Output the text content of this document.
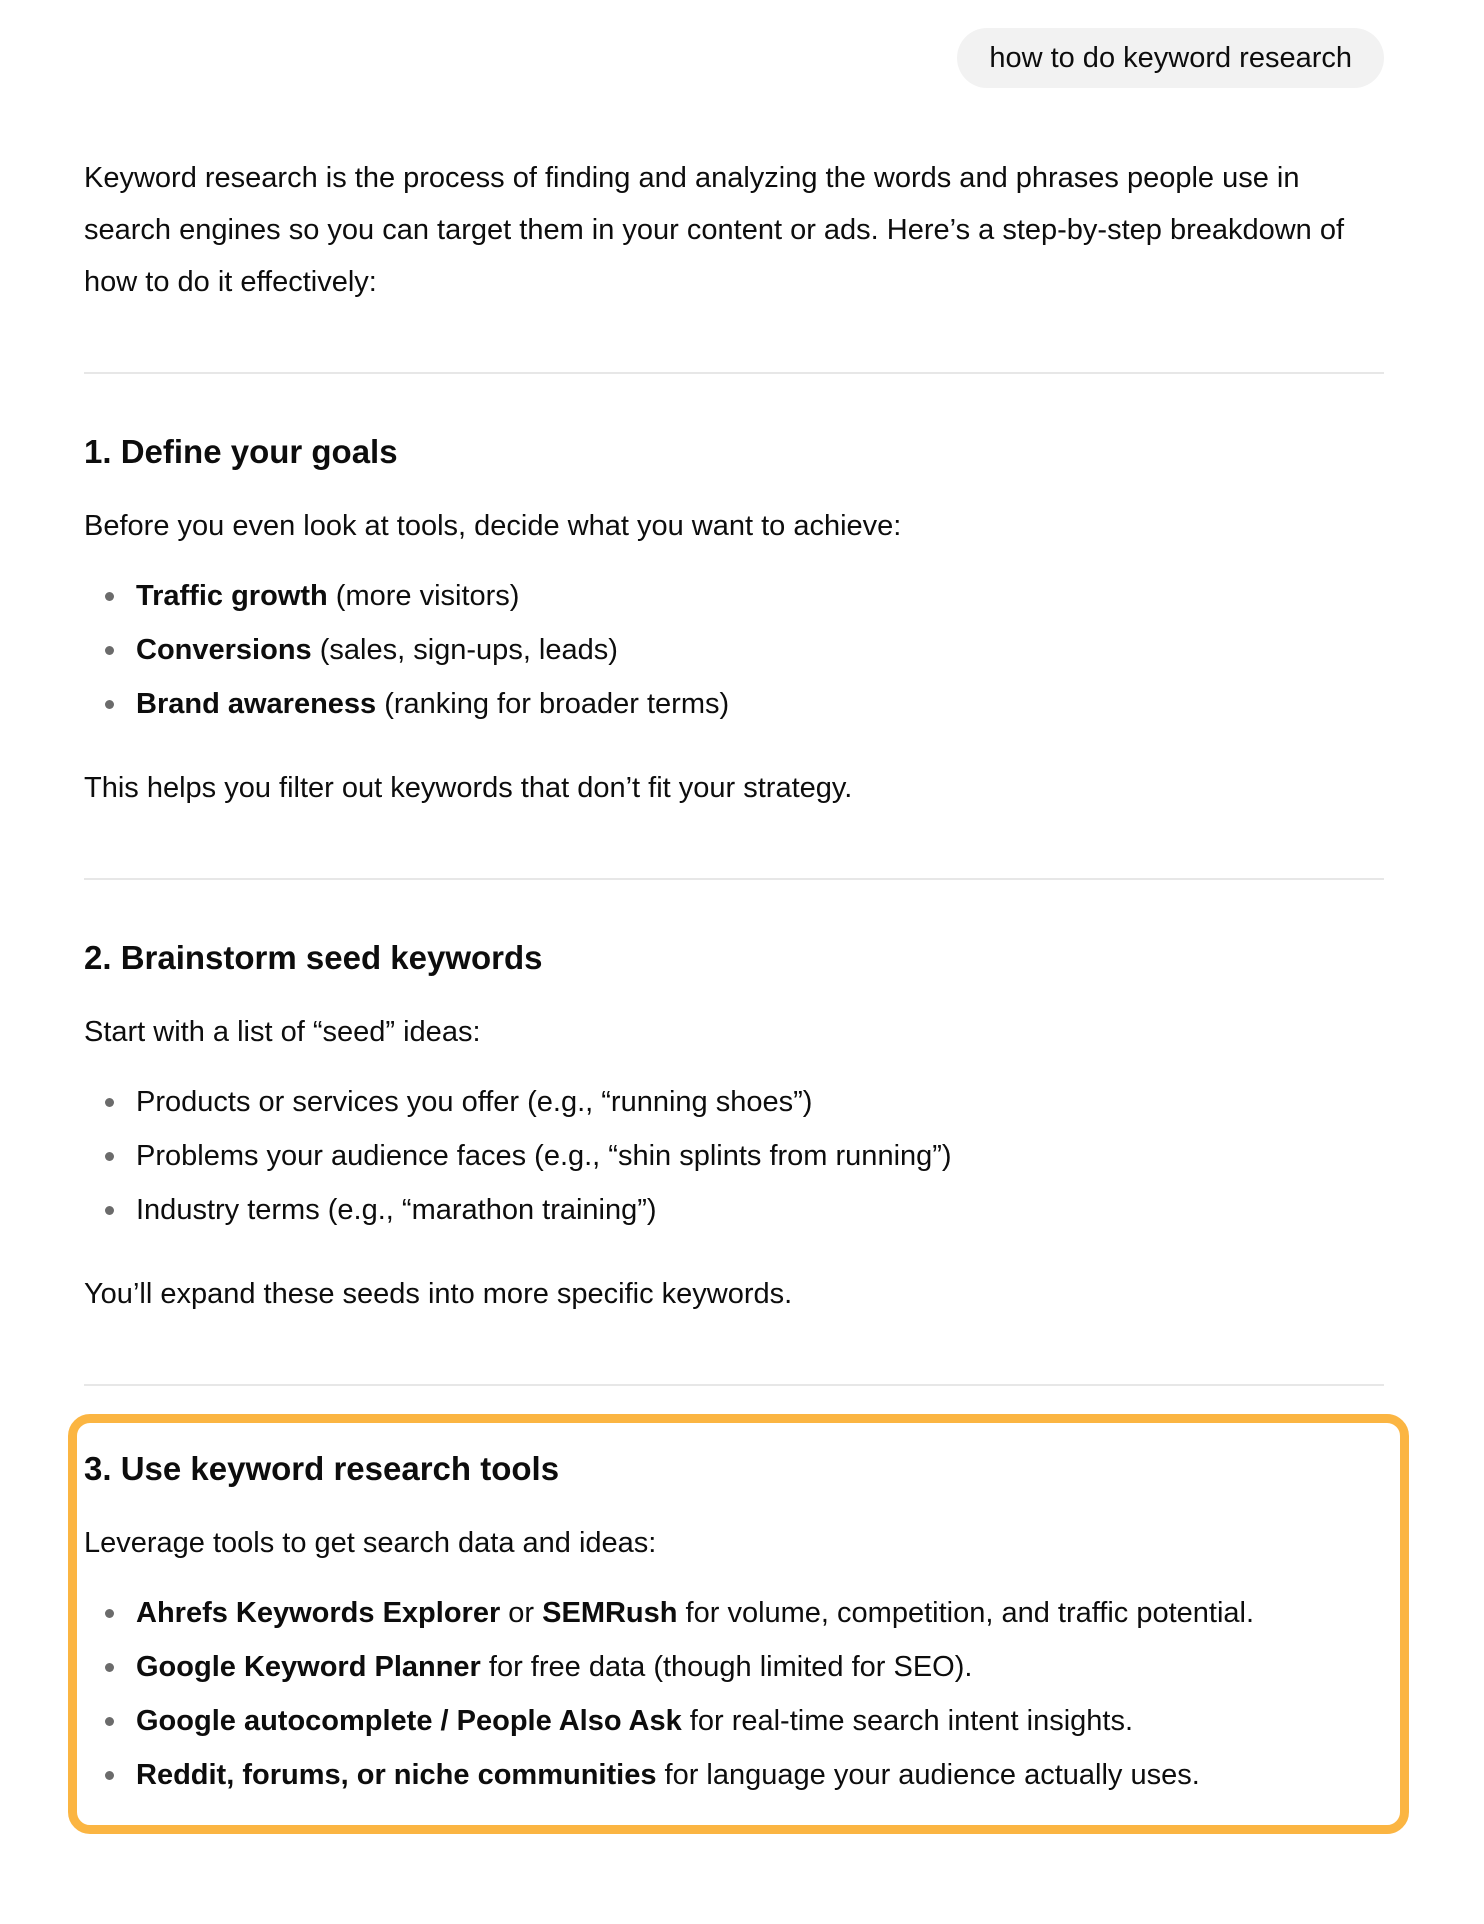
how to do keyword research

Keyword research is the process of finding and analyzing the words and phrases people use in search engines so you can target them in your content or ads. Here’s a step-by-step breakdown of how to do it effectively:

1. Define your goals

Before you even look at tools, decide what you want to achieve:

Traffic growth (more visitors)
Conversions (sales, sign-ups, leads)
Brand awareness (ranking for broader terms)

This helps you filter out keywords that don’t fit your strategy.

2. Brainstorm seed keywords

Start with a list of “seed” ideas:

Products or services you offer (e.g., “running shoes”)
Problems your audience faces (e.g., “shin splints from running”)
Industry terms (e.g., “marathon training”)

You’ll expand these seeds into more specific keywords.

3. Use keyword research tools

Leverage tools to get search data and ideas:

Ahrefs Keywords Explorer or SEMRush for volume, competition, and traffic potential.
Google Keyword Planner for free data (though limited for SEO).
Google autocomplete / People Also Ask for real-time search intent insights.
Reddit, forums, or niche communities for language your audience actually uses.
